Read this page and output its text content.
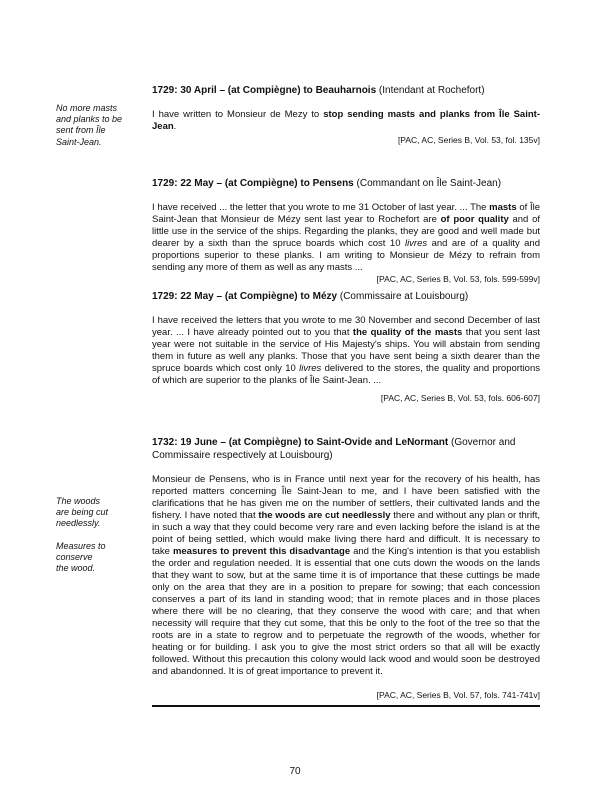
No more masts
and planks to be
sent from Île
Saint-Jean.
The woods
are being cut
needlessly.
Measures to
conserve
the wood.
1729: 30 April – (at Compiègne) to Beauharnois (Intendant at Rochefort)
I have written to Monsieur de Mezy to stop sending masts and planks from Île Saint-Jean.
[PAC, AC, Series B, Vol. 53, fol. 135v]
1729: 22 May – (at Compiègne) to Pensens (Commandant on Île Saint-Jean)
I have received ... the letter that you wrote to me 31 October of last year. ... The masts of Île Saint-Jean that Monsieur de Mézy sent last year to Rochefort are of poor quality and of little use in the service of the ships. Regarding the planks, they are good and well made but dearer by a sixth than the spruce boards which cost 10 livres and are of a quality and proportions superior to these planks. I am writing to Monsieur de Mézy to refrain from sending any more of them as well as any masts ...
[PAC, AC, Series B, Vol. 53, fols. 599-599v]
1729: 22 May – (at Compiègne) to Mézy (Commissaire at Louisbourg)
I have received the letters that you wrote to me 30 November and second December of last year. ... I have already pointed out to you that the quality of the masts that you sent last year were not suitable in the service of His Majesty's ships. You will abstain from sending them in future as well any planks. Those that you have sent being a sixth dearer than the spruce boards which cost only 10 livres delivered to the stores, the quality and proportions of which are superior to the planks of Île Saint-Jean. ...
[PAC, AC, Series B, Vol. 53, fols. 606-607]
1732: 19 June – (at Compiègne) to Saint-Ovide and LeNormant (Governor and Commissaire respectively at Louisbourg)
Monsieur de Pensens, who is in France until next year for the recovery of his health, has reported matters concerning Île Saint-Jean to me, and I have been satisfied with the clarifications that he has given me on the number of settlers, their cultivated lands and the fishery. I have noted that the woods are cut needlessly there and without any plan or thrift, in such a way that they could become very rare and even lacking before the island is at the point of being settled, which would make living there hard and difficult. It is necessary to take measures to prevent this disadvantage and the King's intention is that you establish the order and regulation needed. It is essential that one cuts down the woods on the lands that they want to sow, but at the same time it is of importance that these cuttings be made only on the area that they are in a position to prepare for sowing; that each concession conserves a part of its land in standing wood; that in remote places and in those places where there will be no clearing, that they conserve the wood with care; and that when necessity will require that they cut some, that this be only to the foot of the tree so that the roots are in a state to regrow and to perpetuate the regrowth of the woods, whether for heating or for building. I ask you to give the most strict orders so that all will be exactly followed. Without this precaution this colony would lack wood and would soon be destroyed and abandonned. It is of great importance to prevent it.
[PAC, AC, Series B, Vol. 57, fols. 741-741v]
70
